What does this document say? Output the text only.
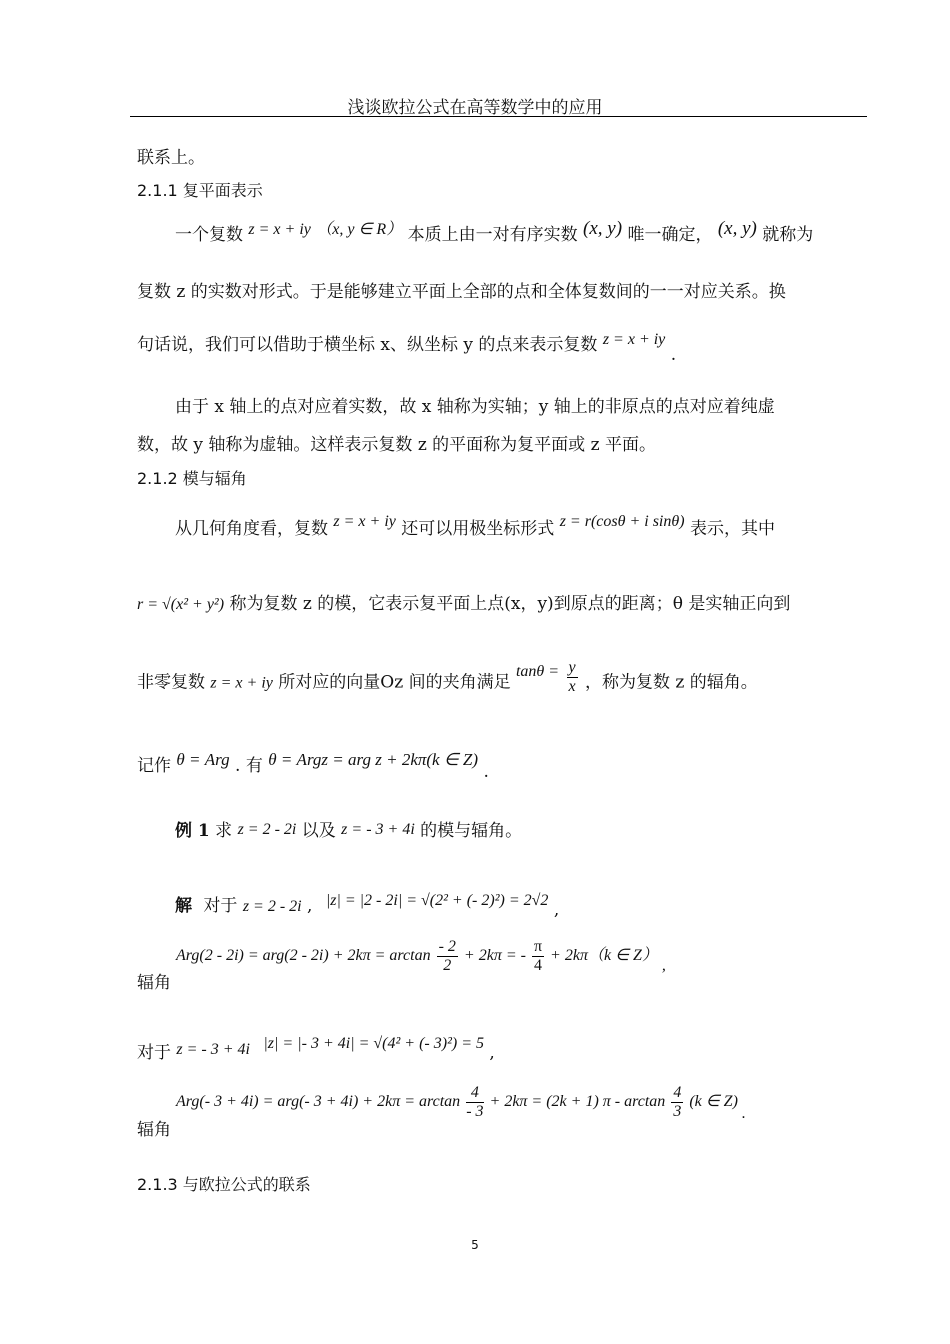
浅谈欧拉公式在高等数学中的应用
联系上。
2.1.1 复平面表示
一个复数 z = x + iy （x, y ∈ R） 本质上由一对有序实数 (x, y) 唯一确定， (x, y) 就称为
复数 z 的实数对形式。于是能够建立平面上全部的点和全体复数间的一一对应关系。换
句话说，我们可以借助于横坐标 x、纵坐标 y 的点来表示复数 z = x + iy .
由于 x 轴上的点对应着实数，故 x 轴称为实轴；y 轴上的非原点的点对应着纯虚
数，故 y 轴称为虚轴。这样表示复数 z 的平面称为复平面或 z 平面。
2.1.2 模与辐角
从几何角度看，复数 z = x + iy 还可以用极坐标形式 z = r(cosθ + i sinθ) 表示，其中
r = √(x² + y²) 称为复数 z 的模，它表示复平面上点(x，y)到原点的距离；θ 是实轴正向到
非零复数 z = x + iy 所对应的向量Oz 间的夹角满足 $\tan\theta = \frac{y}{x}$ ，称为复数 z 的辐角。
记作 θ = Arg . 有 θ = Argz = arg z + 2kπ(k ∈ Z) .
例 1 求 z = 2 - 2i 以及 z = - 3 + 4i 的模与辐角。
解 对于 z = 2 - 2i , |z| = |2 - 2i| = √(2² + (- 2)²) = 2√2 ,
辐角
$Arg(2 - 2i) = arg(2 - 2i) + 2k\pi = \arctan \frac{- 2}{2} + 2k\pi$ = - $\frac{\pi}{4} + 2k\pi(k$ ∈ Z） ,
对于 z = - 3 + 4i |z| = |- 3 + 4i| = √(4² + (- 3)²) = 5 ,
辐角
Arg(- 3 + 4i) = arg(- $3 + 4i) + 2k\pi = \arctan \frac{4}{- 3} + 2k\pi = (2k + 1)$ π - $\arctan \frac{4}{3} (k$ ∈ Z) .
2.1.3 与欧拉公式的联系
5
